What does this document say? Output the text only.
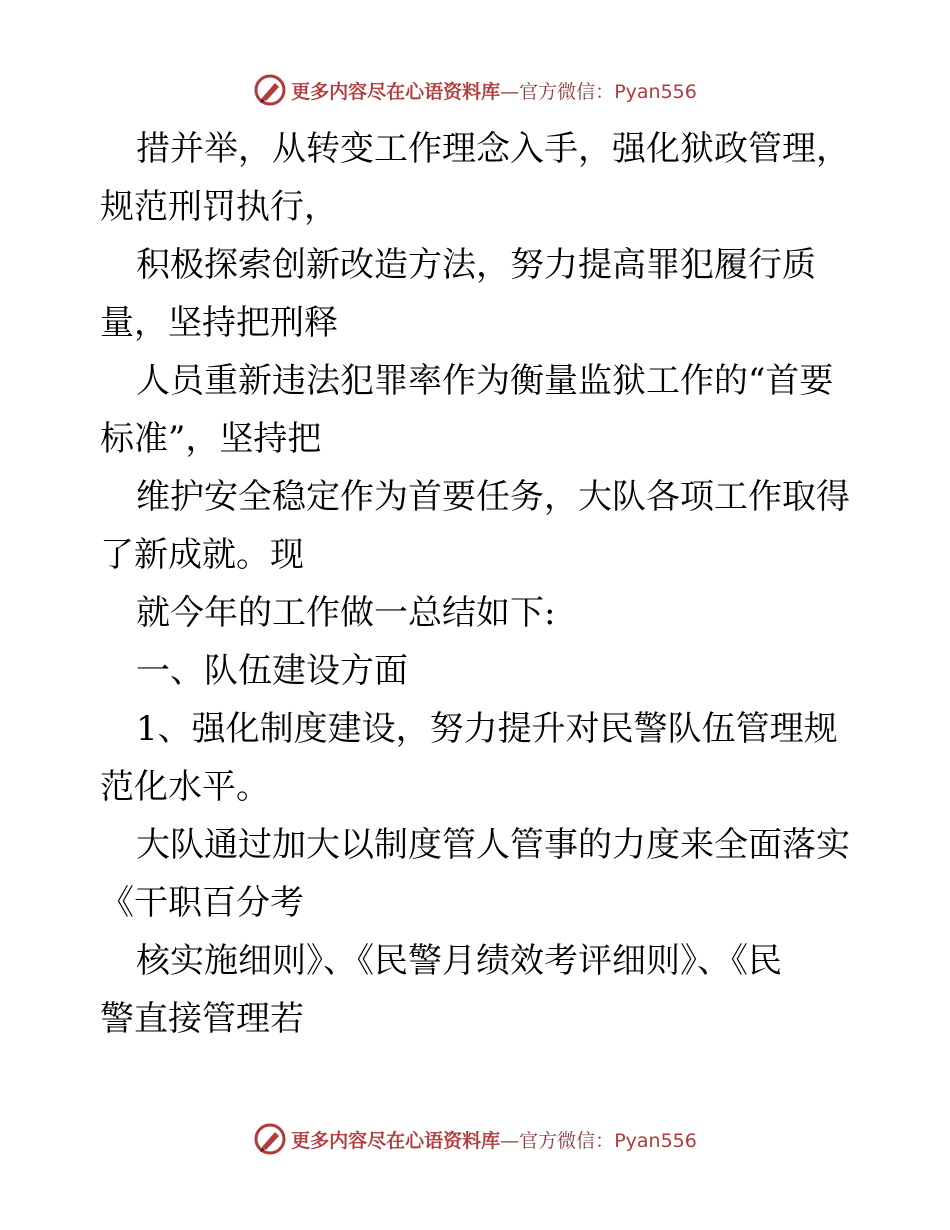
更多内容尽在心语资料库—官方微信：Pyan556
措并举，从转变工作理念入手，强化狱政管理，
规范刑罚执行，
积极探索创新改造方法，努力提高罪犯履行质
量，坚持把刑释
人员重新违法犯罪率作为衡量监狱工作的“首要
标准”，坚持把
维护安全稳定作为首要任务，大队各项工作取得
了新成就。现
就今年的工作做一总结如下:
一、队伍建设方面
1、强化制度建设，努力提升对民警队伍管理规
范化水平。
大队通过加大以制度管人管事的力度来全面落实
《干职百分考
核实施细则》、《民警月绩效考评细则》、《民
警直接管理若
更多内容尽在心语资料库—官方微信：Pyan556
